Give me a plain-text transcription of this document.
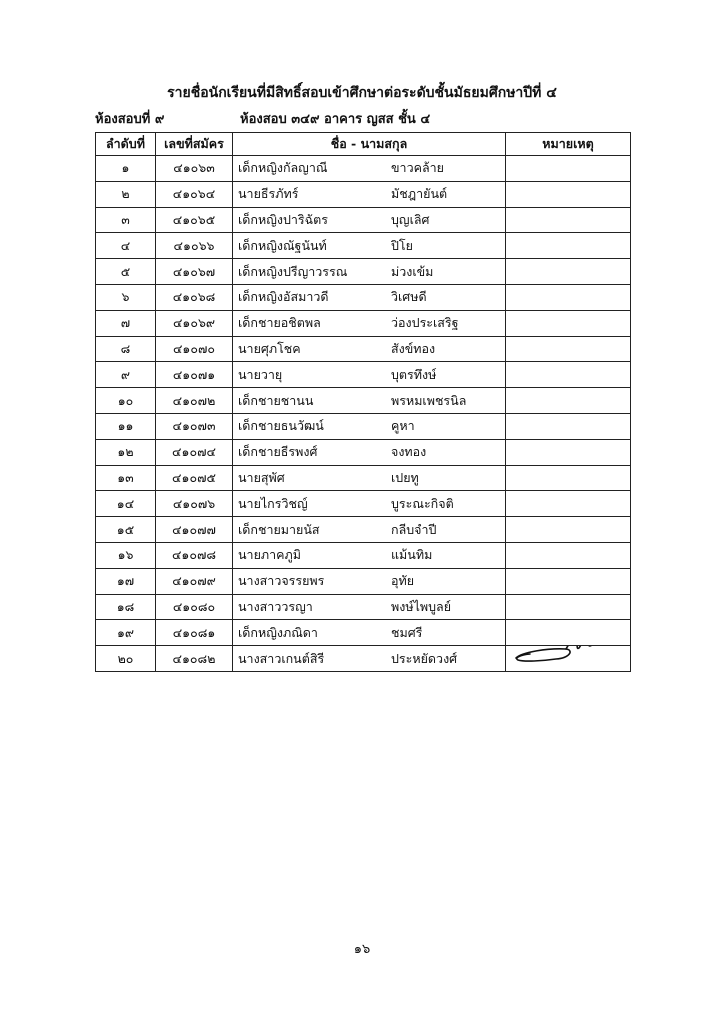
รายชื่อนักเรียนที่มีสิทธิ์สอบเข้าศึกษาต่อระดับชั้นมัธยมศึกษาปีที่ ๔
ห้องสอบที่ ๙	ห้องสอบ ๓๔๙ อาคาร ญสส ชั้น ๔
ลำดับที่	เลขที่สมัคร	ชื่อ - นามสกุล	หมายเหตุ
๑	๔๑๐๖๓	เด็กหญิงกัลญาณี ขาวคล้าย	

๒	๔๑๐๖๔	นายธีรภัทร์ มัชฎายันต์	

๓	๔๑๐๖๕	เด็กหญิงปาริฉัตร บุญเลิศ	

๔	๔๑๐๖๖	เด็กหญิงณัฐนันท์ ปิโย	

๕	๔๑๐๖๗	เด็กหญิงปรีญาวรรณ ม่วงเข้ม	

๖	๔๑๐๖๘	เด็กหญิงอัสมาวดี วิเศษดี	

๗	๔๑๐๖๙	เด็กชายอชิตพล ว่องประเสริฐ	

๘	๔๑๐๗๐	นายศุภโชค สังข์ทอง	

๙	๔๑๐๗๑	นายวายุ บุตรทึงษ์	

๑๐	๔๑๐๗๒	เด็กชายชานน พรหมเพชรนิล	

๑๑	๔๑๐๗๓	เด็กชายธนวัฒน์ คูหา	

๑๒	๔๑๐๗๔	เด็กชายธีรพงศ์ จงทอง	

๑๓	๔๑๐๗๕	นายสุพัศ เปยทู	

๑๔	๔๑๐๗๖	นายไกรวิชญ์ บูระณะกิจติ	

๑๕	๔๑๐๗๗	เด็กชายมายนัส กลีบจำปี	

๑๖	๔๑๐๗๘	นายภาคภูมิ แม้นทิม	

๑๗	๔๑๐๗๙	นางสาวจรรยพร อุทัย	

๑๘	๔๑๐๘๐	นางสาววรญา พงษ์ไพบูลย์	

๑๙	๔๑๐๘๑	เด็กหญิงภณิดา ชมศรี	

๒๐	๔๑๐๘๒	นางสาวเกนต์สิรี ประหยัดวงศ์

๑๖
